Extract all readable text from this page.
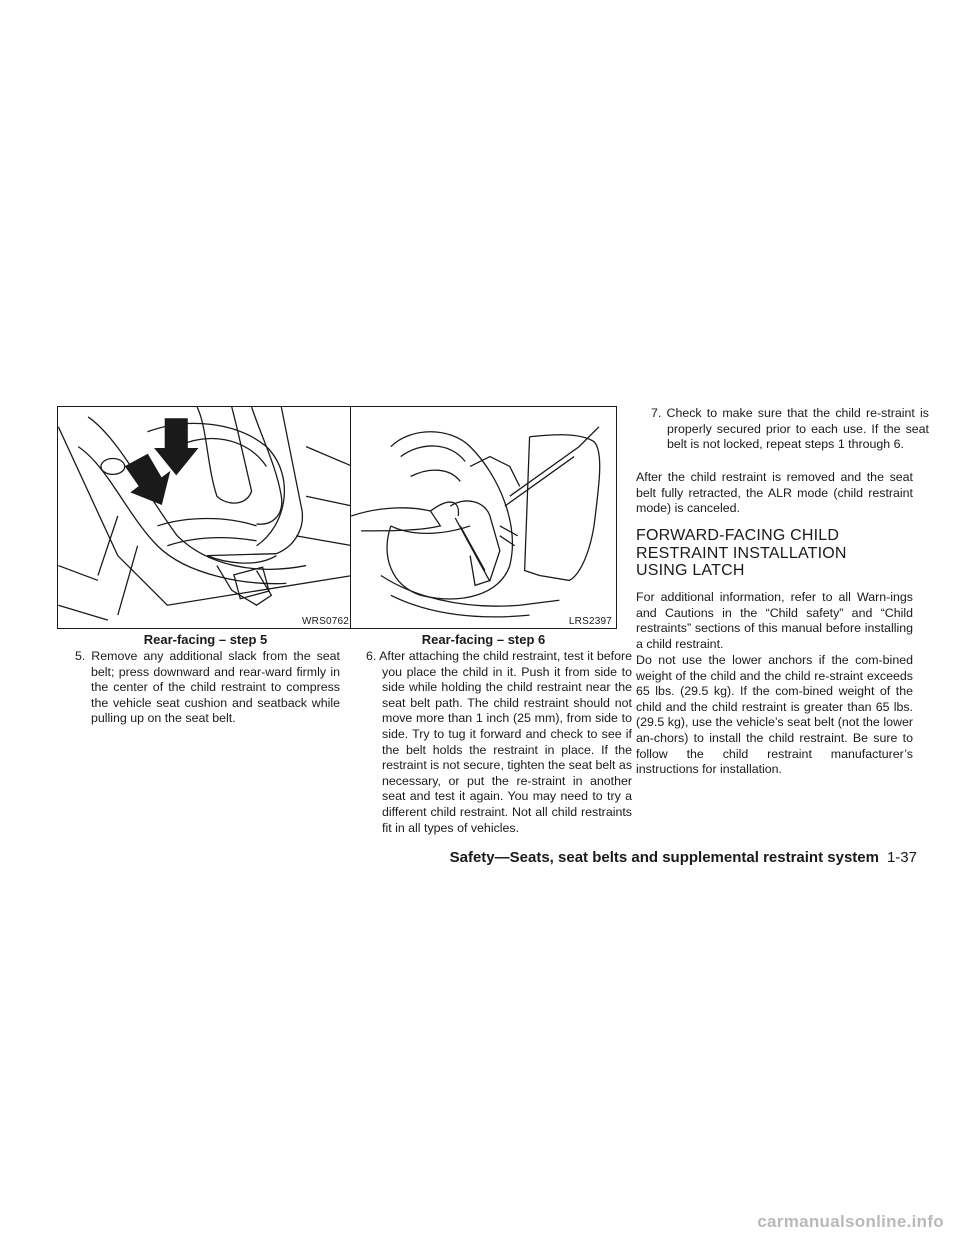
WRS0762
Rear-facing – step 5
LRS2397
Rear-facing – step 6
5. Remove any additional slack from the seat belt; press downward and rear-ward firmly in the center of the child restraint to compress the vehicle seat cushion and seatback while pulling up on the seat belt.
6. After attaching the child restraint, test it before you place the child in it. Push it from side to side while holding the child restraint near the seat belt path. The child restraint should not move more than 1 inch (25 mm), from side to side. Try to tug it forward and check to see if the belt holds the restraint in place. If the restraint is not secure, tighten the seat belt as necessary, or put the re-straint in another seat and test it again. You may need to try a different child restraint. Not all child restraints fit in all types of vehicles.
7. Check to make sure that the child re-straint is properly secured prior to each use. If the seat belt is not locked, repeat steps 1 through 6.

After the child restraint is removed and the seat belt fully retracted, the ALR mode (child restraint mode) is canceled.

FORWARD-FACING CHILD RESTRAINT INSTALLATION USING LATCH

For additional information, refer to all Warn-ings and Cautions in the “Child safety” and “Child restraints” sections of this manual before installing a child restraint.

Do not use the lower anchors if the com-bined weight of the child and the child re-straint exceeds 65 lbs. (29.5 kg). If the com-bined weight of the child and the child restraint is greater than 65 lbs. (29.5 kg), use the vehicle’s seat belt (not the lower an-chors) to install the child restraint. Be sure to follow the child restraint manufacturer’s instructions for installation.

Safety—Seats, seat belts and supplemental restraint system 1-37
carmanualsonline.info
